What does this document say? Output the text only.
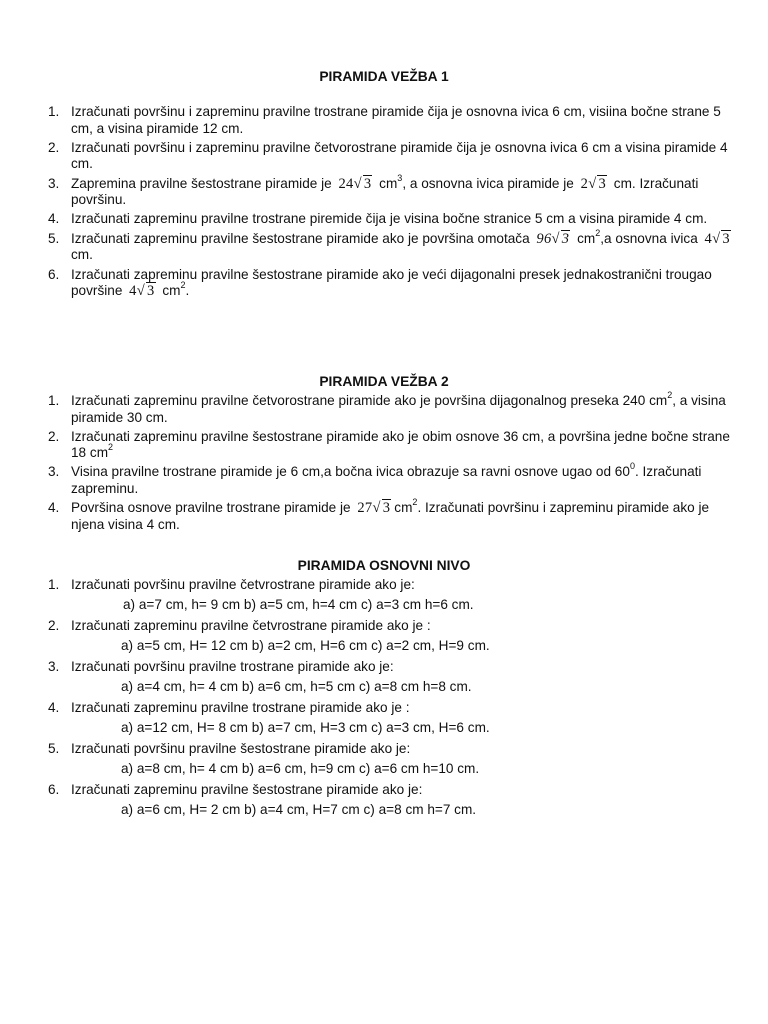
PIRAMIDA VEŽBA 1
1. Izračunati površinu i zapreminu pravilne trostrane piramide čija je osnovna ivica 6 cm, visiina bočne strane 5 cm, a visina piramide 12 cm.
2. Izračunati površinu i zapreminu pravilne četvorostrane piramide čija je osnovna ivica 6 cm a visina piramide 4 cm.
3. Zapremina pravilne šestostrane piramide je 24√ 3 $cm^3$, a osnovna ivica piramide je 2√ 3 cm. Izračunati površinu.
4. Izračunati zapreminu pravilne trostrane piremide čija je visina bočne stranice 5 cm a visina piramide 4 cm.
5. Izračunati zapreminu pravilne šestostrane piramide ako je površina omotača 96√ 3 $cm^2,a$ osnovna ivica 4√ 3 cm.
6. Izračunati zapreminu pravilne šestostrane piramide ako je veći dijagonalni presek jednakostranični trougao površine 4√ 3 $cm^2$.
PIRAMIDA VEŽBA 2
1. Izračunati zapreminu pravilne četvorostrane piramide ako je površina dijagonalnog preseka 240 $cm^2$, a visina piramide 30 cm.
2. Izračunati zapreminu pravilne šestostrane piramide ako je obim osnove 36 cm, a površina jedne bočne strane 18 $cm^2$
3. Visina pravilne trostrane piramide je 6 cm,a bočna ivica obrazuje sa ravni osnove ugao od $60^0$. Izračunati zapreminu.
4. Površina osnove pravilne trostrane piramide je 27√ 3 $cm^2$. Izračunati površinu i zapreminu piramide ako je njena visina 4 cm.
PIRAMIDA OSNOVNI NIVO
1. Izračunati površinu pravilne četvrostrane piramide ako je:
a) a=7 cm, h= 9 cm b) a=5 cm, h=4 cm c) a=3 cm h=6 cm.
2. Izračunati zapreminu pravilne četvrostrane piramide ako je :
a) a=5 cm, H= 12 cm b) a=2 cm, H=6 cm c) a=2 cm, H=9 cm.
3. Izračunati površinu pravilne trostrane piramide ako je:
a) a=4 cm, h= 4 cm b) a=6 cm, h=5 cm c) a=8 cm h=8 cm.
4. Izračunati zapreminu pravilne trostrane piramide ako je :
a) a=12 cm, H= 8 cm b) a=7 cm, H=3 cm c) a=3 cm, H=6 cm.
5. Izračunati površinu pravilne šestostrane piramide ako je:
a) a=8 cm, h= 4 cm b) a=6 cm, h=9 cm c) a=6 cm h=10 cm.
6. Izračunati zapreminu pravilne šestostrane piramide ako je:
a) a=6 cm, H= 2 cm b) a=4 cm, H=7 cm c) a=8 cm h=7 cm.
